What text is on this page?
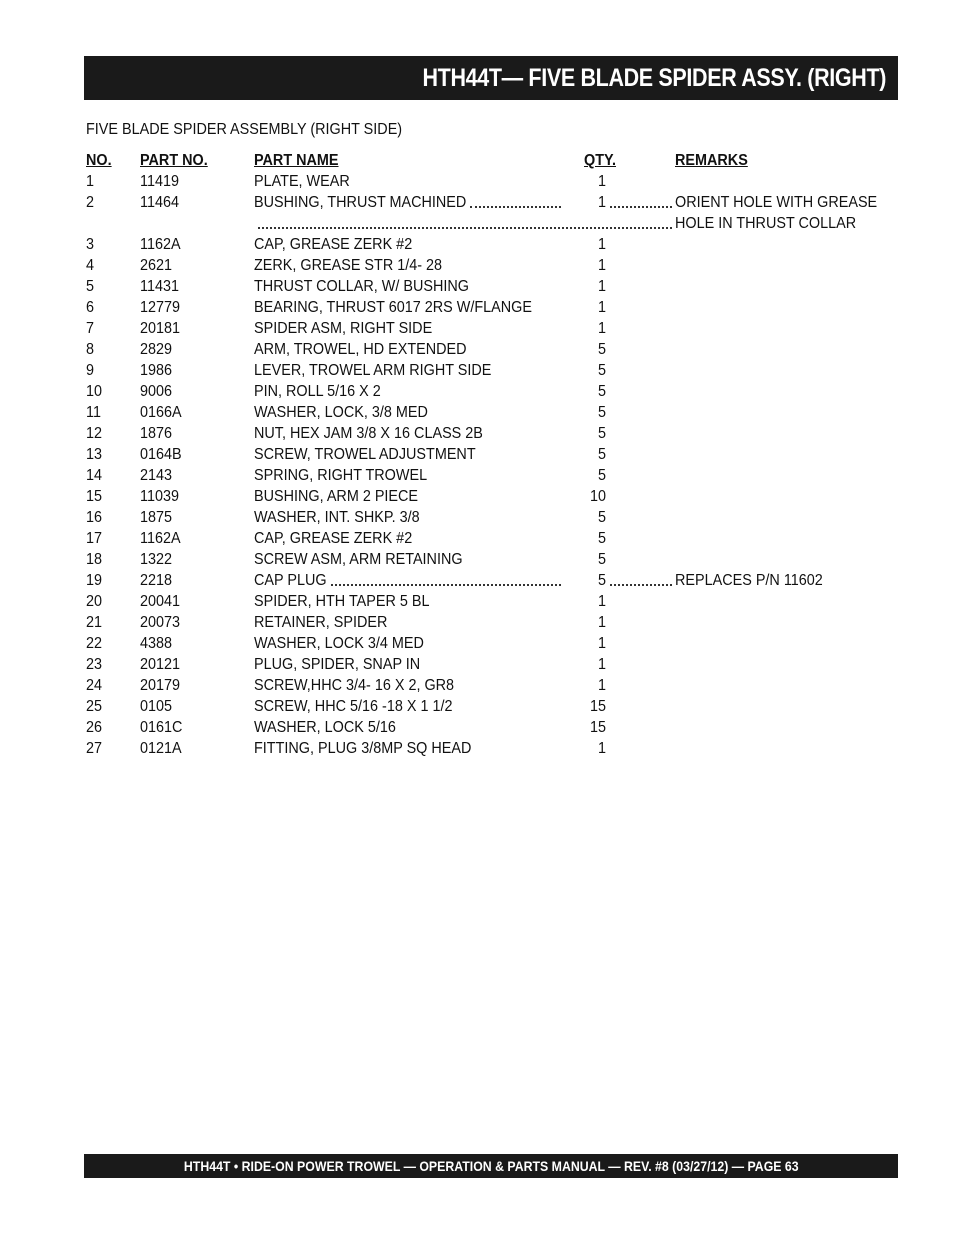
HTH44T— FIVE BLADE SPIDER ASSY. (RIGHT)
FIVE BLADE SPIDER ASSEMBLY (RIGHT SIDE)
NO. PART NO.	PART NAME	QTY.	REMARKS
1	11419	PLATE, WEAR	1
2	11464	BUSHING, THRUST MACHINED	1	ORIENT HOLE WITH GREASE
HOLE IN THRUST COLLAR
3	1162A	CAP, GREASE ZERK #2	1
4	2621	ZERK, GREASE STR 1/4- 28	1
5	11431	THRUST COLLAR, W/ BUSHING	1
6	12779	BEARING, THRUST 6017 2RS W/FLANGE	1
7	20181	SPIDER ASM, RIGHT SIDE	1
8	2829	ARM, TROWEL, HD EXTENDED	5
9	1986	LEVER, TROWEL ARM RIGHT SIDE	5
10 9006	PIN, ROLL 5/16 X 2	5
11 0166A	WASHER, LOCK, 3/8 MED	5
12 1876	NUT, HEX JAM 3/8 X 16 CLASS 2B	5
13 0164B	SCREW, TROWEL ADJUSTMENT	5
14 2143	SPRING, RIGHT TROWEL	5
15 11039	BUSHING, ARM 2 PIECE	10
16 1875	WASHER, INT. SHKP. 3/8	5
17 1162A	CAP, GREASE ZERK #2	5
18 1322	SCREW ASM, ARM RETAINING	5
19 2218	CAP PLUG	5	REPLACES P/N 11602
20 20041	SPIDER, HTH TAPER 5 BL	1
21 20073	RETAINER, SPIDER	1
22 4388	WASHER, LOCK 3/4 MED	1
23 20121	PLUG, SPIDER, SNAP IN	1
24 20179	SCREW,HHC 3/4- 16 X 2, GR8	1
25 0105	SCREW, HHC 5/16 -18 X 1 1/2	15
26 0161C	WASHER, LOCK 5/16	15
27 0121A	FITTING, PLUG 3/8MP SQ HEAD	1
HTH44T • RIDE-ON POWER TROWEL — OPERATION & PARTS MANUAL — REV. #8 (03/27/12) — PAGE 63
